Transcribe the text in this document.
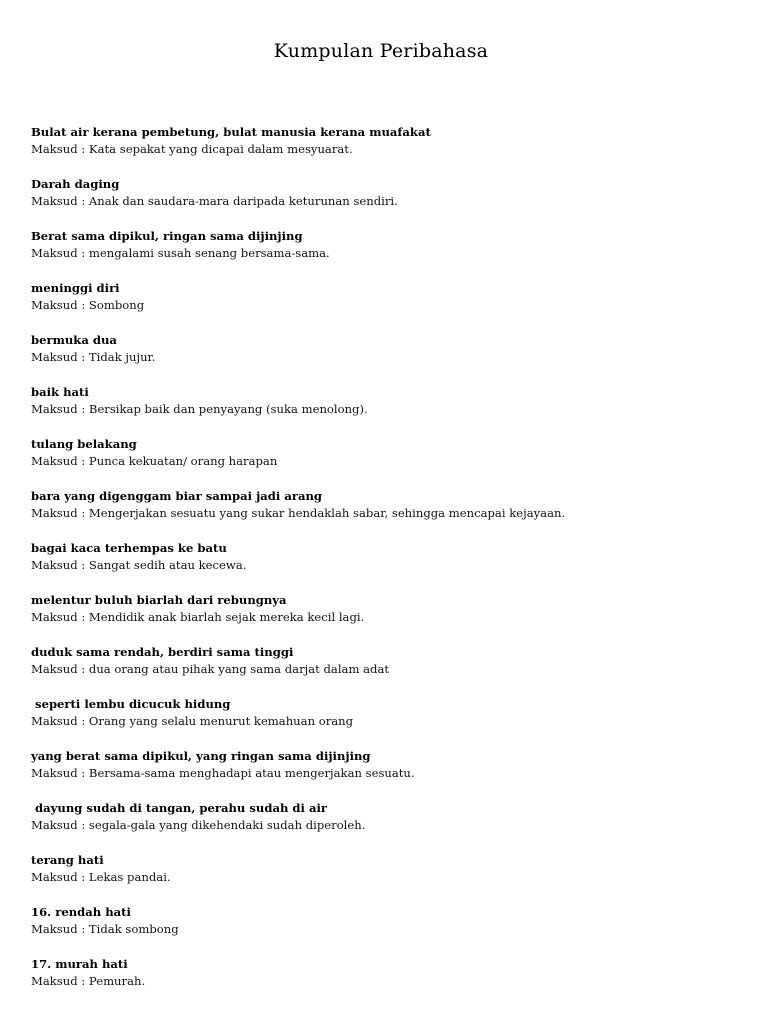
Kumpulan Peribahasa
Bulat air kerana pembetung, bulat manusia kerana muafakat
Maksud : Kata sepakat yang dicapai dalam mesyuarat.
Darah daging
Maksud : Anak dan saudara-mara daripada keturunan sendiri.
Berat sama dipikul, ringan sama dijinjing
Maksud : mengalami susah senang bersama-sama.
meninggi diri
Maksud : Sombong
bermuka dua
Maksud : Tidak jujur.
baik hati
Maksud : Bersikap baik dan penyayang (suka menolong).
tulang belakang
Maksud : Punca kekuatan/ orang harapan
bara yang digenggam biar sampai jadi arang
Maksud : Mengerjakan sesuatu yang sukar hendaklah sabar, sehingga mencapai kejayaan.
bagai kaca terhempas ke batu
Maksud : Sangat sedih atau kecewa.
melentur buluh biarlah dari rebungnya
Maksud : Mendidik anak biarlah sejak mereka kecil lagi.
duduk sama rendah, berdiri sama tinggi
Maksud : dua orang atau pihak yang sama darjat dalam adat
seperti lembu dicucuk hidung
Maksud : Orang yang selalu menurut kemahuan orang
yang berat sama dipikul, yang ringan sama dijinjing
Maksud : Bersama-sama menghadapi atau mengerjakan sesuatu.
dayung sudah di tangan, perahu sudah di air
Maksud : segala-gala yang dikehendaki sudah diperoleh.
terang hati
Maksud : Lekas pandai.
16. rendah hati
Maksud : Tidak sombong
17. murah hati
Maksud : Pemurah.
